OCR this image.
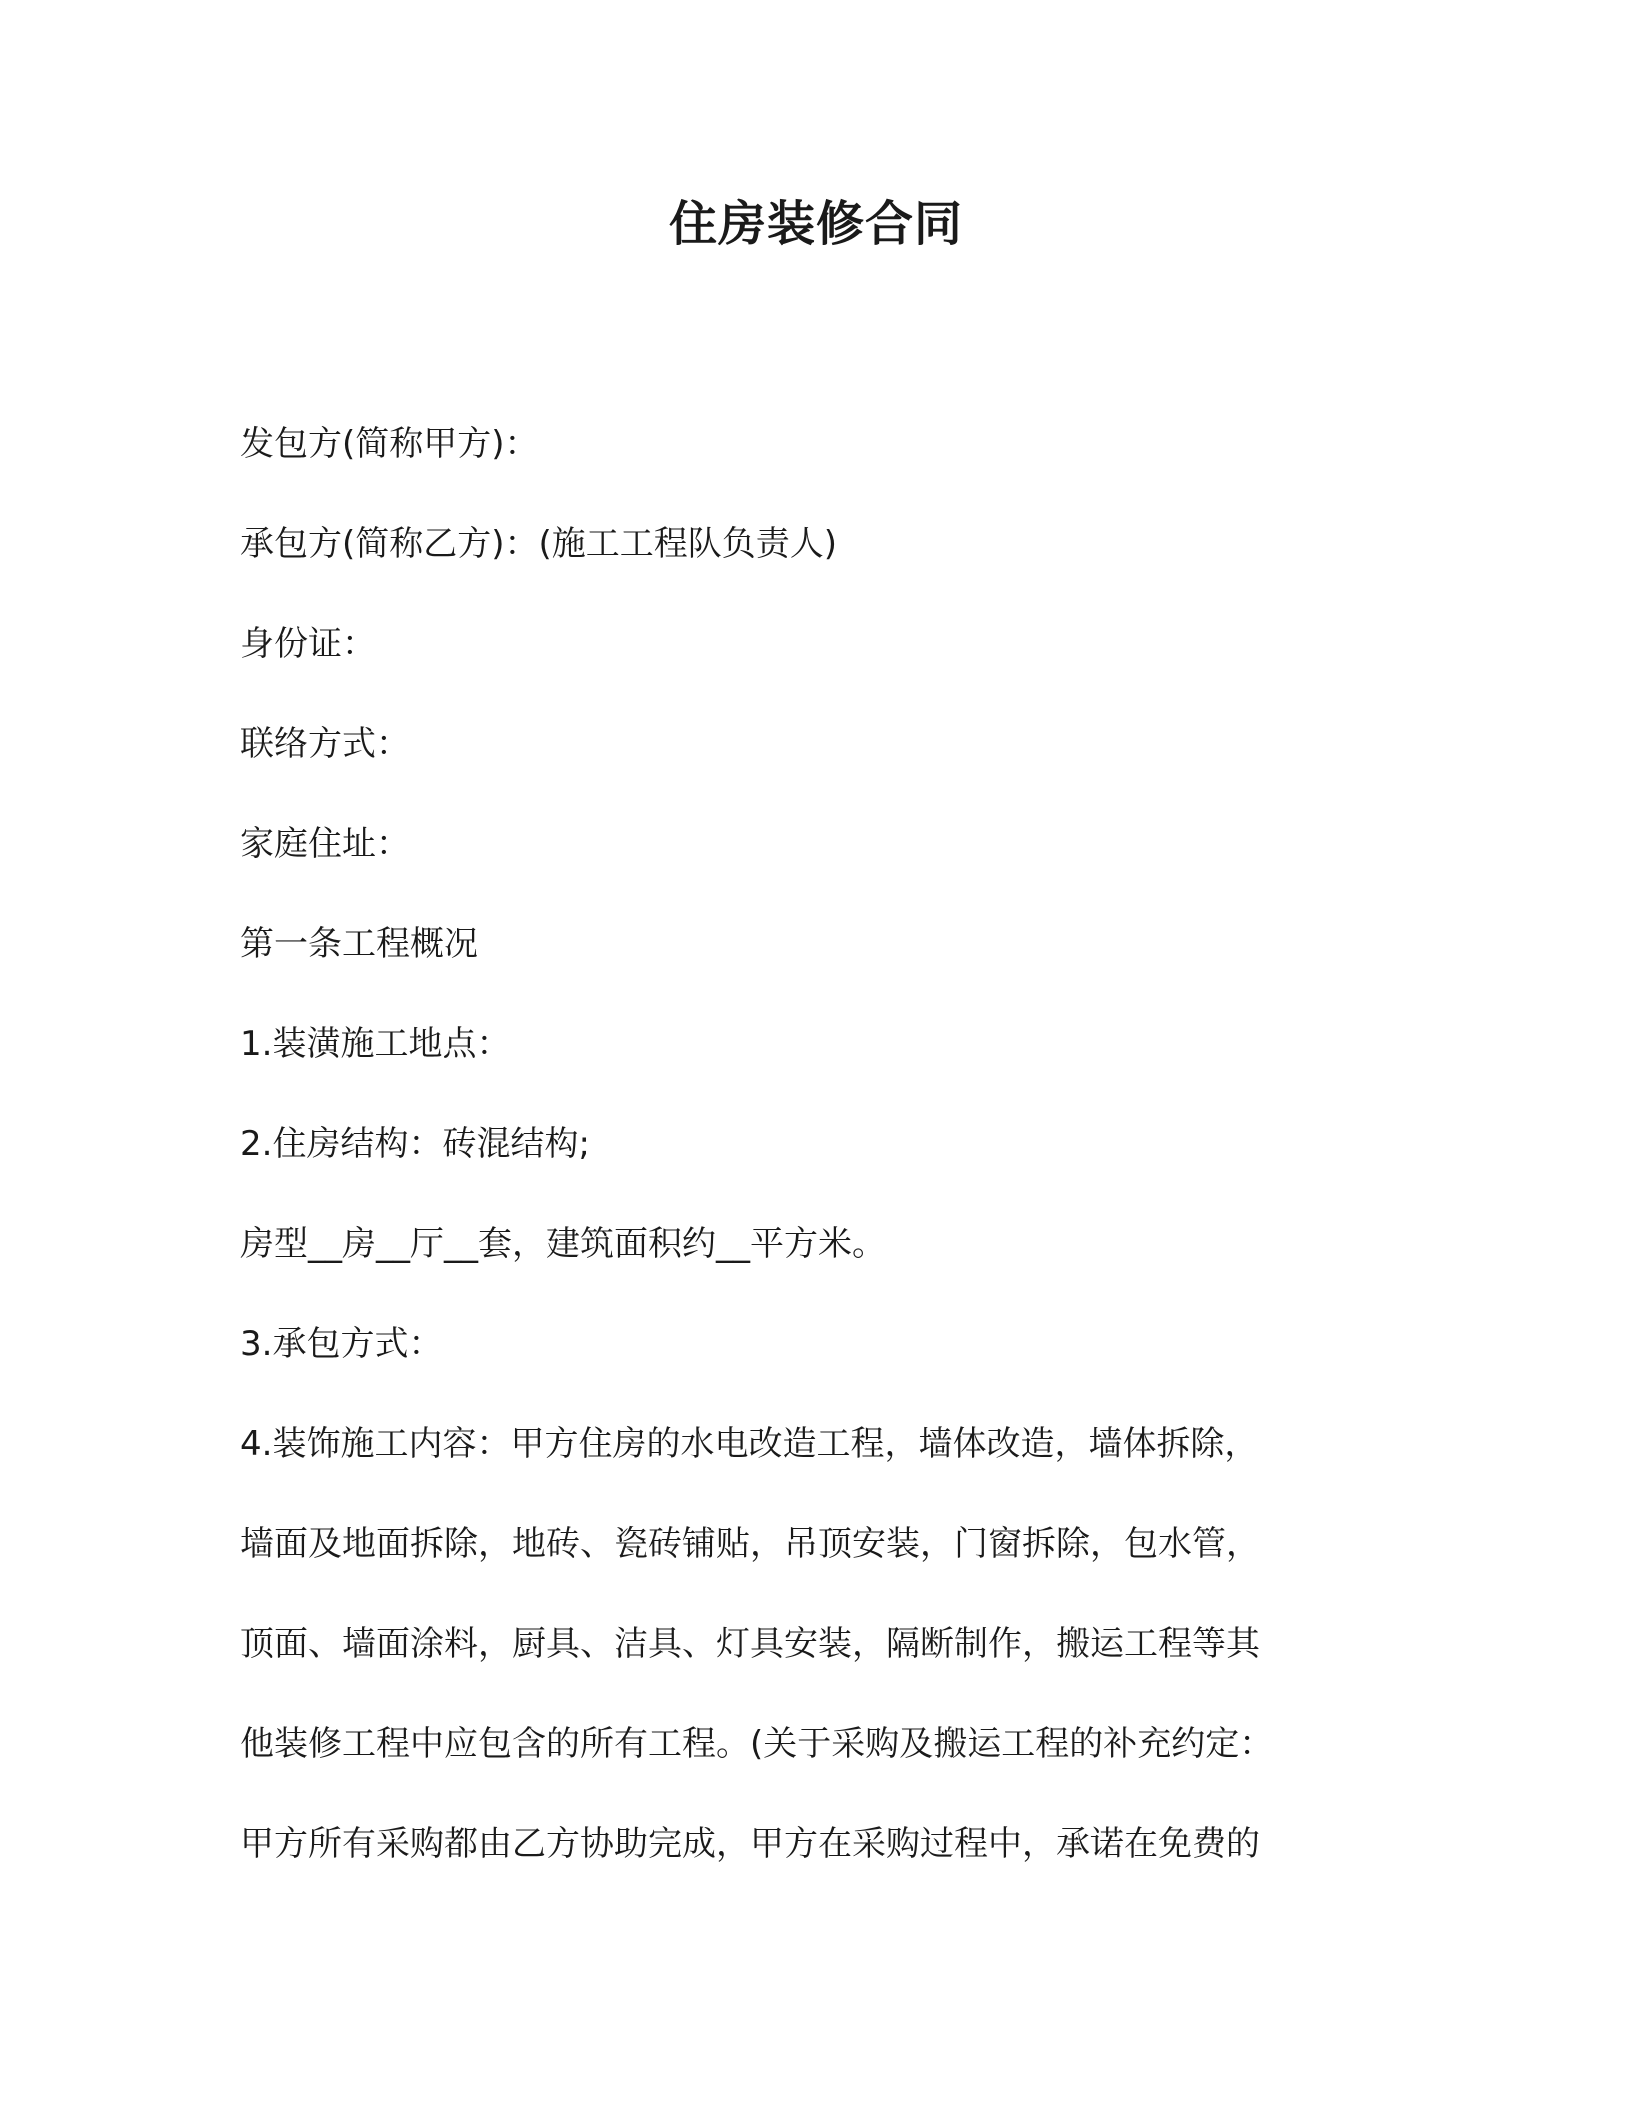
住房装修合同
发包方(简称甲方)：
承包方(简称乙方)：(施工工程队负责人)
身份证：
联络方式：
家庭住址：
第一条工程概况
1.装潢施工地点：
2.住房结构：砖混结构;
房型__房__厅__套，建筑面积约__平方米。
3.承包方式：
4.装饰施工内容：甲方住房的水电改造工程，墙体改造，墙体拆除，
墙面及地面拆除，地砖、瓷砖铺贴，吊顶安装，门窗拆除，包水管，
顶面、墙面涂料，厨具、洁具、灯具安装，隔断制作，搬运工程等其
他装修工程中应包含的所有工程。(关于采购及搬运工程的补充约定：
甲方所有采购都由乙方协助完成，甲方在采购过程中，承诺在免费的
